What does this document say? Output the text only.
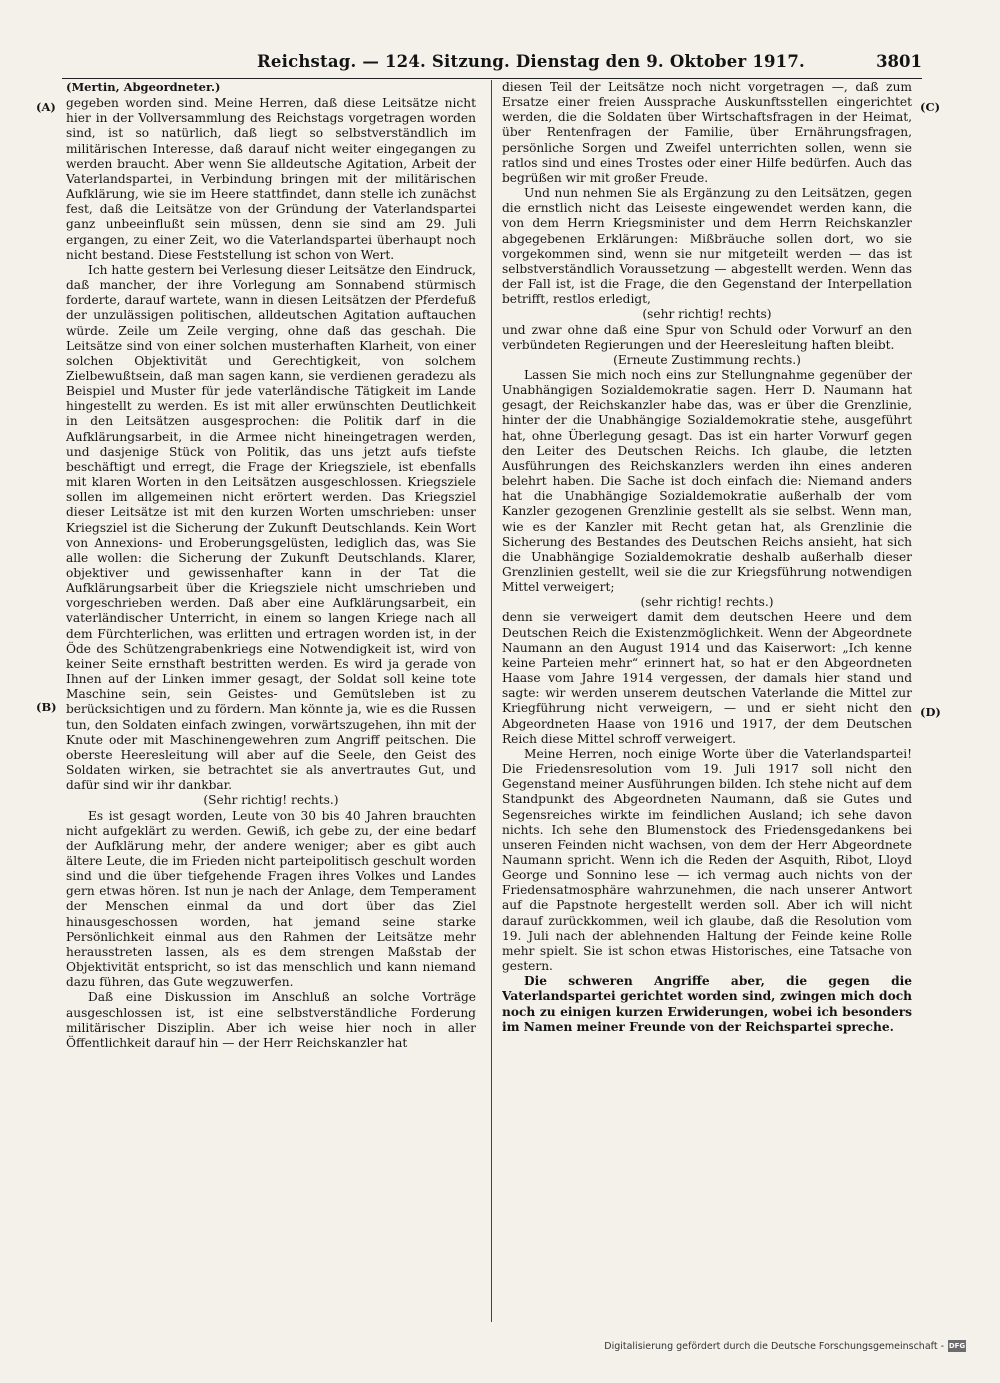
Reichstag. — 124. Sitzung. Dienstag den 9. Oktober 1917.	3801
(A)
(B)
(C)
(D)

(Mertin, Abgeordneter.)

gegeben worden sind. Meine Herren, daß diese Leitsätze nicht hier in der Vollversammlung des Reichstags vorgetragen worden sind, ist so natürlich, daß liegt so selbstverständlich im militärischen Interesse, daß darauf nicht weiter eingegangen zu werden braucht. Aber wenn Sie alldeutsche Agitation, Arbeit der Vaterlandspartei, in Verbindung bringen mit der militärischen Aufklärung, wie sie im Heere stattfindet, dann stelle ich zunächst fest, daß die Leitsätze von der Gründung der Vaterlandspartei ganz unbeeinflußt sein müssen, denn sie sind am 29. Juli ergangen, zu einer Zeit, wo die Vaterlandspartei überhaupt noch nicht bestand. Diese Feststellung ist schon von Wert.

Ich hatte gestern bei Verlesung dieser Leitsätze den Eindruck, daß mancher, der ihre Vorlegung am Sonnabend stürmisch forderte, darauf wartete, wann in diesen Leitsätzen der Pferdefuß der unzulässigen politischen, alldeutschen Agitation auftauchen würde. Zeile um Zeile verging, ohne daß das geschah. Die Leitsätze sind von einer solchen musterhaften Klarheit, von einer solchen Objektivität und Gerechtigkeit, von solchem Zielbewußtsein, daß man sagen kann, sie verdienen geradezu als Beispiel und Muster für jede vaterländische Tätigkeit im Lande hingestellt zu werden. Es ist mit aller erwünschten Deutlichkeit in den Leitsätzen ausgesprochen: die Politik darf in die Aufklärungsarbeit, in die Armee nicht hineingetragen werden, und dasjenige Stück von Politik, das uns jetzt aufs tiefste beschäftigt und erregt, die Frage der Kriegsziele, ist ebenfalls mit klaren Worten in den Leitsätzen ausgeschlossen. Kriegsziele sollen im allgemeinen nicht erörtert werden. Das Kriegsziel dieser Leitsätze ist mit den kurzen Worten umschrieben: unser Kriegsziel ist die Sicherung der Zukunft Deutschlands. Kein Wort von Annexions- und Eroberungsgelüsten, lediglich das, was Sie alle wollen: die Sicherung der Zukunft Deutschlands. Klarer, objektiver und gewissenhafter kann in der Tat die Aufklärungsarbeit über die Kriegsziele nicht umschrieben und vorgeschrieben werden. Daß aber eine Aufklärungsarbeit, ein vaterländischer Unterricht, in einem so langen Kriege nach all dem Fürchterlichen, was erlitten und ertragen worden ist, in der Öde des Schützengrabenkriegs eine Notwendigkeit ist, wird von keiner Seite ernsthaft bestritten werden. Es wird ja gerade von Ihnen auf der Linken immer gesagt, der Soldat soll keine tote Maschine sein, sein Geistes- und Gemütsleben ist zu berücksichtigen und zu fördern. Man könnte ja, wie es die Russen tun, den Soldaten einfach zwingen, vorwärtszugehen, ihn mit der Knute oder mit Maschinengewehren zum Angriff peitschen. Die oberste Heeresleitung will aber auf die Seele, den Geist des Soldaten wirken, sie betrachtet sie als anvertrautes Gut, und dafür sind wir ihr dankbar.

(Sehr richtig! rechts.)

Es ist gesagt worden, Leute von 30 bis 40 Jahren brauchten nicht aufgeklärt zu werden. Gewiß, ich gebe zu, der eine bedarf der Aufklärung mehr, der andere weniger; aber es gibt auch ältere Leute, die im Frieden nicht parteipolitisch geschult worden sind und die über tiefgehende Fragen ihres Volkes und Landes gern etwas hören. Ist nun je nach der Anlage, dem Temperament der Menschen einmal da und dort über das Ziel hinausgeschossen worden, hat jemand seine starke Persönlichkeit einmal aus den Rahmen der Leitsätze mehr herausstreten lassen, als es dem strengen Maßstab der Objektivität entspricht, so ist das menschlich und kann niemand dazu führen, das Gute wegzuwerfen.

Daß eine Diskussion im Anschluß an solche Vorträge ausgeschlossen ist, ist eine selbstverständliche Forderung militärischer Disziplin. Aber ich weise hier noch in aller Öffentlichkeit darauf hin — der Herr Reichskanzler hat

diesen Teil der Leitsätze noch nicht vorgetragen —, daß zum Ersatze einer freien Aussprache Auskunftsstellen eingerichtet werden, die die Soldaten über Wirtschaftsfragen in der Heimat, über Rentenfragen der Familie, über Ernährungsfragen, persönliche Sorgen und Zweifel unterrichten sollen, wenn sie ratlos sind und eines Trostes oder einer Hilfe bedürfen. Auch das begrüßen wir mit großer Freude.

Und nun nehmen Sie als Ergänzung zu den Leitsätzen, gegen die ernstlich nicht das Leiseste eingewendet werden kann, die von dem Herrn Kriegsminister und dem Herrn Reichskanzler abgegebenen Erklärungen: Mißbräuche sollen dort, wo sie vorgekommen sind, wenn sie nur mitgeteilt werden — das ist selbstverständlich Voraussetzung — abgestellt werden. Wenn das der Fall ist, ist die Frage, die den Gegenstand der Interpellation betrifft, restlos erledigt,

(sehr richtig! rechts)

und zwar ohne daß eine Spur von Schuld oder Vorwurf an den verbündeten Regierungen und der Heeresleitung haften bleibt.

(Erneute Zustimmung rechts.)

Lassen Sie mich noch eins zur Stellungnahme gegenüber der Unabhängigen Sozialdemokratie sagen. Herr D. Naumann hat gesagt, der Reichskanzler habe das, was er über die Grenzlinie, hinter der die Unabhängige Sozialdemokratie stehe, ausgeführt hat, ohne Überlegung gesagt. Das ist ein harter Vorwurf gegen den Leiter des Deutschen Reichs. Ich glaube, die letzten Ausführungen des Reichskanzlers werden ihn eines anderen belehrt haben. Die Sache ist doch einfach die: Niemand anders hat die Unabhängige Sozialdemokratie außerhalb der vom Kanzler gezogenen Grenzlinie gestellt als sie selbst. Wenn man, wie es der Kanzler mit Recht getan hat, als Grenzlinie die Sicherung des Bestandes des Deutschen Reichs ansieht, hat sich die Unabhängige Sozialdemokratie deshalb außerhalb dieser Grenzlinien gestellt, weil sie die zur Kriegsführung notwendigen Mittel verweigert;

(sehr richtig! rechts.)

denn sie verweigert damit dem deutschen Heere und dem Deutschen Reich die Existenzmöglichkeit. Wenn der Abgeordnete Naumann an den August 1914 und das Kaiserwort: „Ich kenne keine Parteien mehr“ erinnert hat, so hat er den Abgeordneten Haase vom Jahre 1914 vergessen, der damals hier stand und sagte: wir werden unserem deutschen Vaterlande die Mittel zur Kriegführung nicht verweigern, — und er sieht nicht den Abgeordneten Haase von 1916 und 1917, der dem Deutschen Reich diese Mittel schroff verweigert.

Meine Herren, noch einige Worte über die Vaterlandspartei! Die Friedensresolution vom 19. Juli 1917 soll nicht den Gegenstand meiner Ausführungen bilden. Ich stehe nicht auf dem Standpunkt des Abgeordneten Naumann, daß sie Gutes und Segensreiches wirkte im feindlichen Ausland; ich sehe davon nichts. Ich sehe den Blumenstock des Friedensgedankens bei unseren Feinden nicht wachsen, von dem der Herr Abgeordnete Naumann spricht. Wenn ich die Reden der Asquith, Ribot, Lloyd George und Sonnino lese — ich vermag auch nichts von der Friedensatmosphäre wahrzunehmen, die nach unserer Antwort auf die Papstnote hergestellt werden soll. Aber ich will nicht darauf zurückkommen, weil ich glaube, daß die Resolution vom 19. Juli nach der ablehnenden Haltung der Feinde keine Rolle mehr spielt. Sie ist schon etwas Historisches, eine Tatsache von gestern.

Die schweren Angriffe aber, die gegen die Vaterlandspartei gerichtet worden sind, zwingen mich doch noch zu einigen kurzen Erwiderungen, wobei ich besonders im Namen meiner Freunde von der Reichspartei spreche.

Digitalisierung gefördert durch die Deutsche Forschungsgemeinschaft - DFG
